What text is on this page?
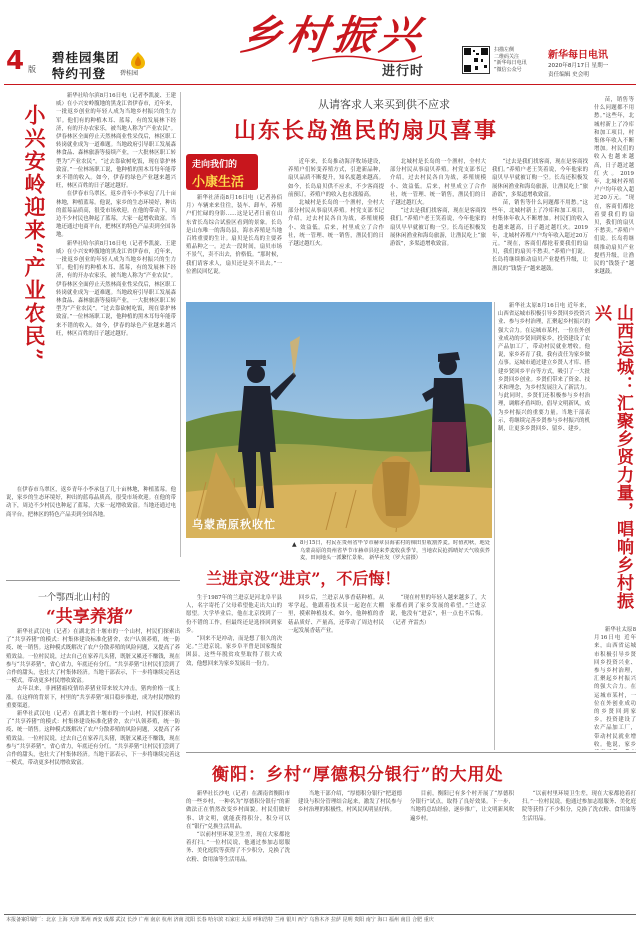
4 版
碧桂园集团
特约刊登 碧桂园
乡村振兴
进行时
扫描左侧
二维码关注
“新华每日电讯
”微信公众号
新华每日电讯
2020年8月17日 星期一
责任编辑 史会明
小兴安岭迎来“产业农民”

新华社哈尔滨8月16日电（记者李凯旋、王建威）在小兴安岭腹地的黑龙江省伊春市，近年来，一批返乡创业的年轻人成为当地乡村振兴的生力军。他们有的种植木耳、蓝莓，有的发展林下经济，有的开办农家乐，被当地人称为“产业农民”。伊春林区全面停止天然林商业性采伐后，林区职工转岗就业成为一道难题。当地政府引导职工发展森林食品、森林旅游等接续产业，一大批林区职工转型为“产业农民”。“过去靠砍树吃饭，现在靠护林致富。”一位林场职工说，他种植的黑木耳每年能带来不错的收入。如今，伊春的绿色产业越来越兴旺，林区百姓的日子越过越好。

在伊春市乌翠区，返乡青年小李承包了几十亩林地，种植蓝莓。他说，家乡的生态环境好，种出的蓝莓品质高，很受市场欢迎。在他的带动下，周边不少村民也种起了蓝莓，大家一起增收致富。当地还通过电商平台，把林区的特色产品卖到全国各地。

新华社哈尔滨8月16日电（记者李凯旋、王建威）在小兴安岭腹地的黑龙江省伊春市，近年来，一批返乡创业的年轻人成为当地乡村振兴的生力军。他们有的种植木耳、蓝莓，有的发展林下经济，有的开办农家乐，被当地人称为“产业农民”。伊春林区全面停止天然林商业性采伐后，林区职工转岗就业成为一道难题。当地政府引导职工发展森林食品、森林旅游等接续产业，一大批林区职工转型为“产业农民”。“过去靠砍树吃饭，现在靠护林致富。”一位林场职工说，他种植的黑木耳每年能带来不错的收入。如今，伊春的绿色产业越来越兴旺，林区百姓的日子越过越好。

在伊春市乌翠区，返乡青年小李承包了几十亩林地，种植蓝莓。他说，家乡的生态环境好，种出的蓝莓品质高，很受市场欢迎。在他的带动下，周边不少村民也种起了蓝莓，大家一起增收致富。当地还通过电商平台，把林区的特色产品卖到全国各地。

一个鄂西北山村的
“共享养猪”

新华社武汉电（记者）在湖北省十堰市的一个山村，村民们探索出了“共享养猪”的模式：村集体建设标准化猪舍，农户认领养殖，统一防疫、统一销售。这种模式既解决了农户分散养殖的风险问题，又提高了养殖效益。一位村民说，过去自己在家养几头猪，既脏又累还不赚钱，现在参与“共享养猪”，省心省力，年底还有分红。“共享养猪”让村民们尝到了合作的甜头，也壮大了村集体经济。当地干部表示，下一步将继续完善这一模式，带动更多村民增收致富。

去年以来，非洲猪瘟疫情给养猪业带来较大冲击，猪肉价格一度上涨。在这样的背景下，村里的“共享养猪”项目稳步推进，成为村民增收的重要渠道。

新华社武汉电（记者）在湖北省十堰市的一个山村，村民们探索出了“共享养猪”的模式：村集体建设标准化猪舍，农户认领养殖，统一防疫、统一销售。这种模式既解决了农户分散养殖的风险问题，又提高了养殖效益。一位村民说，过去自己在家养几头猪，既脏又累还不赚钱，现在参与“共享养猪”，省心省力，年底还有分红。“共享养猪”让村民们尝到了合作的甜头，也壮大了村集体经济。当地干部表示，下一步将继续完善这一模式，带动更多村民增收致富。

从请客求人来买到供不应求
山东长岛渔民的扇贝喜事
走向我们的
小康生活

新华社济南8月16日电（记者孙佰月）车辆来来往往，装车、卸车，养殖户们忙碌的身影……这是记者日前在山东省长岛综合试验区看到的景象。长岛是山东唯一的海岛县，海水养殖是当地百姓重要的生计。扇贝是长岛的主要养殖品种之一。过去一段时间，扇贝市场不景气，卖不出去，价格低。“那时候，我们请客求人，扇贝还是卖不出去。”一位渔民回忆说。

近年来，长岛推动海洋牧场建设，养殖户们转变养殖方式，引进新品种，扇贝品质不断提升，知名度越来越高。如今，长岛扇贝供不应求，不少客商提前预订，养殖户的收入也水涨船高。

北城村是长岛的一个渔村，全村大部分村民从事扇贝养殖。村党支部书记介绍，过去村民各自为战，养殖规模小、效益低。后来，村里成立了合作社，统一管理、统一销售，渔民们的日子越过越红火。

北城村是长岛的一个渔村，全村大部分村民从事扇贝养殖。村党支部书记介绍，过去村民各自为战，养殖规模小、效益低。后来，村里成立了合作社，统一管理、统一销售，渔民们的日子越过越红火。

“过去是我们找客商，现在是客商找我们。”养殖户老王笑着说，今年他家的扇贝早早就被订购一空。长岛还积极发展休闲渔业和海岛旅游，让渔民吃上“旅游饭”，多渠道增收致富。

“过去是我们找客商，现在是客商找我们。”养殖户老王笑着说，今年他家的扇贝早早就被订购一空。长岛还积极发展休闲渔业和海岛旅游，让渔民吃上“旅游饭”，多渠道增收致富。

苗，销售等什么问题都不用愁。”这些年，北城村新上了冷库和加工项目，村集体年收入不断增加。村民们的收入也越来越高，日子越过越红火。2019年，北城村养殖户户均年收入超过20万元。“现在，客商们都抢着要我们的扇贝，我们的扇贝不愁卖。”养殖户们说。长岛将继续推动扇贝产业提档升级，让渔民的“钱袋子”越来越鼓。

苗，销售等什么问题都不用愁。”这些年，北城村新上了冷库和加工项目，村集体年收入不断增加。村民们的收入也越来越高，日子越过越红火。2019年，北城村养殖户户均年收入超过20万元。“现在，客商们都抢着要我们的扇贝，我们的扇贝不愁卖。”养殖户们说。长岛将继续推动扇贝产业提档升级，让渔民的“钱袋子”越来越鼓。

乌蒙高原秋收忙
8月15日，村民在贵州省毕节市赫章县海雀村的梯田里收割荞麦。时值初秋，地处乌蒙高原的贵州省毕节市赫章县迎来荞麦收获季节，当地农民抢抓晴好天气收获荞麦，田间地头一派繁忙景象。 新华社发（罗大富摄）
▲
兰进京没“进京”，不后悔！

生于1987年的兰进京是河北阜平县人，名字寄托了父母希望他走出大山的愿望。大学毕业后，他在北京找到了一份不错的工作，但最终还是选择回到家乡。

“回来不是冲动，而是想了很久的决定。”兰进京说，家乡阜平曾是国家级贫困县，这些年脱贫攻坚取得了很大成效，他想回来为家乡发展出一份力。

回乡后，兰进京从事香菇种植。从零学起，他跟着技术员一起泡在大棚里，摸索种植技术。如今，他种植的香菇品质好、产量高，还带动了周边村民一起发展香菇产业。

“现在村里的年轻人越来越多了，大家都看到了家乡发展的希望。”兰进京说，他没有“进京”，但一点也不后悔。 （记者 齐雷杰）

新华社太原8月16日电 近年来，山西省运城市积极引导乡贤回乡投资兴业、参与乡村治理，汇聚起乡村振兴的强大合力。在运城市某村，一位在外创业成功的乡贤回到家乡，投资建设了农产品加工厂，带动村民就业增收。他说，家乡养育了我，我有责任为家乡做点事。运城市通过建立乡贤人才库、搭建乡贤回乡平台等方式，吸引了一大批乡贤回乡创业。乡贤们带来了资金、技术和理念，为乡村发展注入了新活力。与此同时，乡贤们还积极参与乡村治理，调解矛盾纠纷，倡导文明新风，成为乡村振兴的重要力量。当地干部表示，将继续完善乡贤参与乡村振兴的机制，让更多乡贤回乡、留乡、建乡。	山西运城：汇聚乡贤力量，唱响乡村振兴

新华社太原8月16日电 近年来，山西省运城市积极引导乡贤回乡投资兴业、参与乡村治理，汇聚起乡村振兴的强大合力。在运城市某村，一位在外创业成功的乡贤回到家乡，投资建设了农产品加工厂，带动村民就业增收。他说，家乡

衡阳：乡村“厚德积分银行”的大用处

新华社长沙电（记者）在湖南省衡阳市的一些乡村，一种名为“厚德积分银行”的新做法正在悄然改变乡村面貌。村民们做好事、讲文明，就能获得积分，积分可以在“银行”兑换生活用品。

“以前村里环境卫生差，现在大家都抢着打扫。”一位村民说，他通过参加志愿服务、美化庭院等获得了不少积分，兑换了洗衣粉、食用油等生活用品。

当地干部介绍，“厚德积分银行”把道德建设与积分管理结合起来，激发了村民参与乡村治理的积极性，村风民风明显好转。

目前，衡阳已有多个村开展了“厚德积分银行”试点，取得了良好效果。下一步，当地将总结经验，逐步推广，让文明新风吹遍乡村。

“以前村里环境卫生差，现在大家都抢着打扫。”一位村民说，他通过参加志愿服务、美化庭院等获得了不少积分，兑换了洗衣粉、食用油等生活用品。

本报备案印刷厂：北京 上海 天津 郑州 西安 成都 武汉 长沙 广州 南京 杭州 济南 沈阳 长春 哈尔滨 石家庄 太原 呼和浩特 兰州 银川 西宁 乌鲁木齐 拉萨 昆明 贵阳 南宁 海口 福州 南昌 合肥 重庆
